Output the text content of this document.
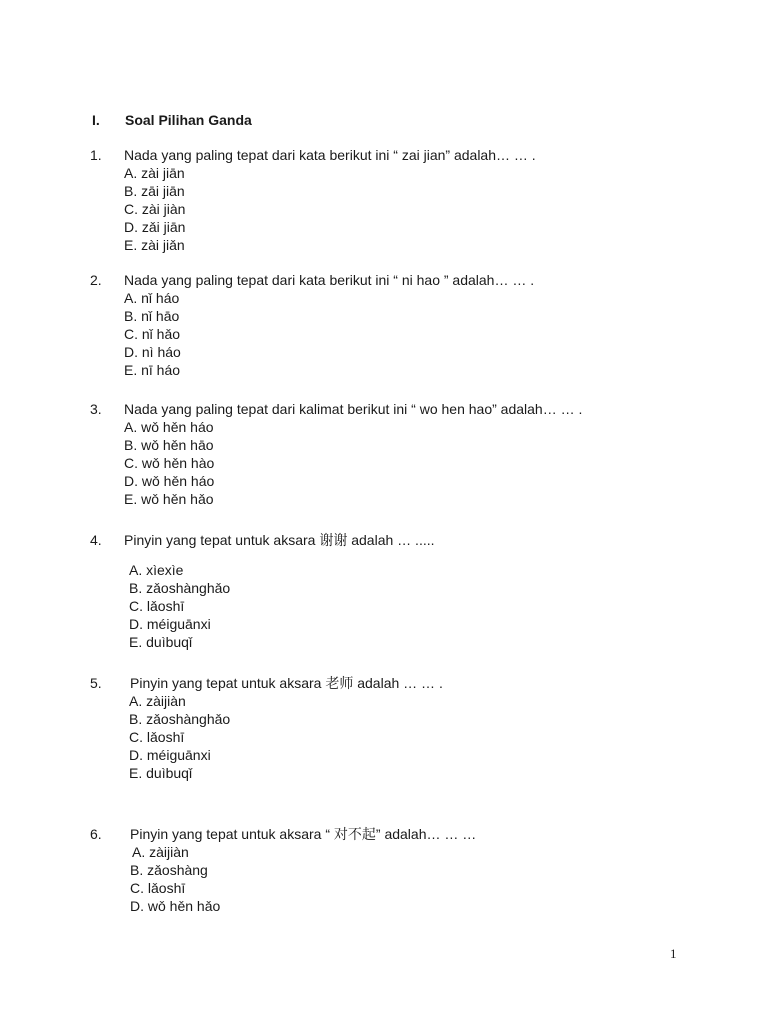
I. Soal Pilihan Ganda
1. Nada yang paling tepat dari kata berikut ini “ zai jian” adalah… … .
A. zài jiān
B. zāi jiān
C. zài jiàn
D. zǎi jiān
E. zài jiǎn
2. Nada yang paling tepat dari kata berikut ini “ ni hao ” adalah… … .
A. nǐ háo
B. nǐ hāo
C. nǐ hǎo
D. nì háo
E. nī háo
3. Nada yang paling tepat dari kalimat berikut ini “ wo hen hao” adalah… … .
A. wǒ hěn háo
B. wǒ hěn hāo
C. wǒ hěn hào
D. wǒ hěn háo
E. wǒ hěn hǎo
4. Pinyin yang tepat untuk aksara 谢谢 adalah … .....
A. xìexìe
B. zǎoshànghǎo
C. lǎoshī
D. méiguānxi
E. duìbuqǐ
5. Pinyin yang tepat untuk aksara 老师 adalah … … .
A. zàijiàn
B. zǎoshànghǎo
C. lǎoshī
D. méiguānxi
E. duìbuqǐ
6. Pinyin yang tepat untuk aksara “ 对不起” adalah… … …
A. zàijiàn
B. zǎoshàng
C. lǎoshī
D. wǒ hěn hǎo
1
